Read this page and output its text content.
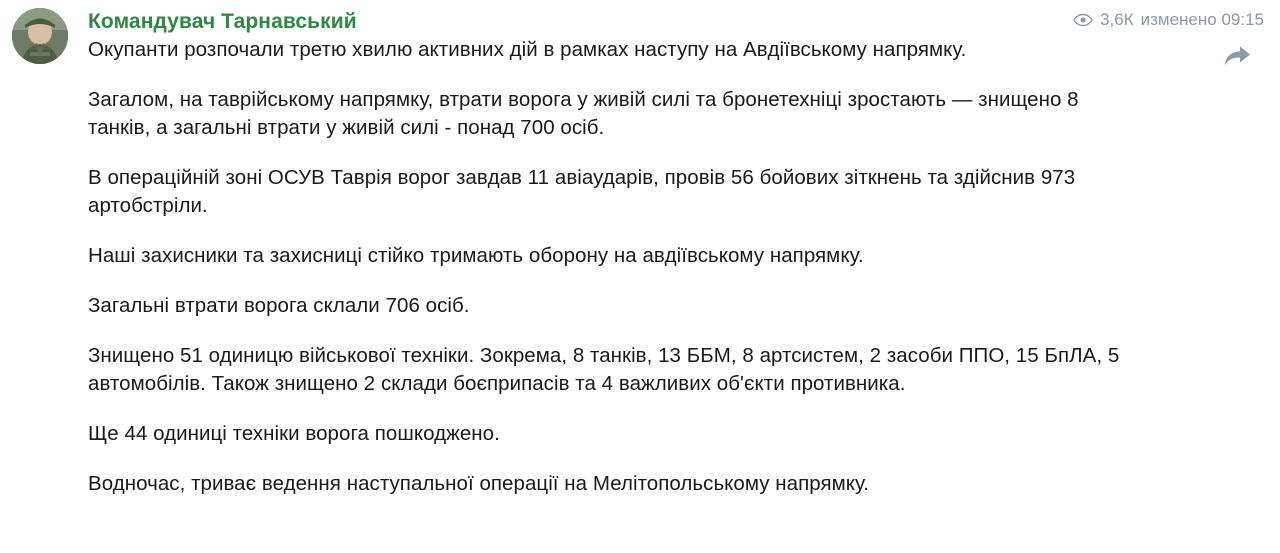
Командувач Тарнавський	3,6К изменено 09:15

Окупанти розпочали третю хвилю активних дій в рамках наступу на Авдіївському напрямку.

Загалом, на таврійському напрямку, втрати ворога у живій силі та бронетехніці зростають — знищено 8 танків, а загальні втрати у живій силі - понад 700 осіб.

В операційній зоні ОСУВ Таврія ворог завдав 11 авіаударів, провів 56 бойових зіткнень та здійснив 973 артобстріли.

Наші захисники та захисниці стійко тримають оборону на авдіївському напрямку.

Загальні втрати ворога склали 706 осіб.

Знищено 51 одиницю військової техніки. Зокрема, 8 танків, 13 ББМ, 8 артсистем, 2 засоби ППО, 15 БпЛА, 5 автомобілів. Також знищено 2 склади боєприпасів та 4 важливих об'єкти противника.

Ще 44 одиниці техніки ворога пошкоджено.

Водночас, триває ведення наступальної операції на Мелітопольському напрямку.
